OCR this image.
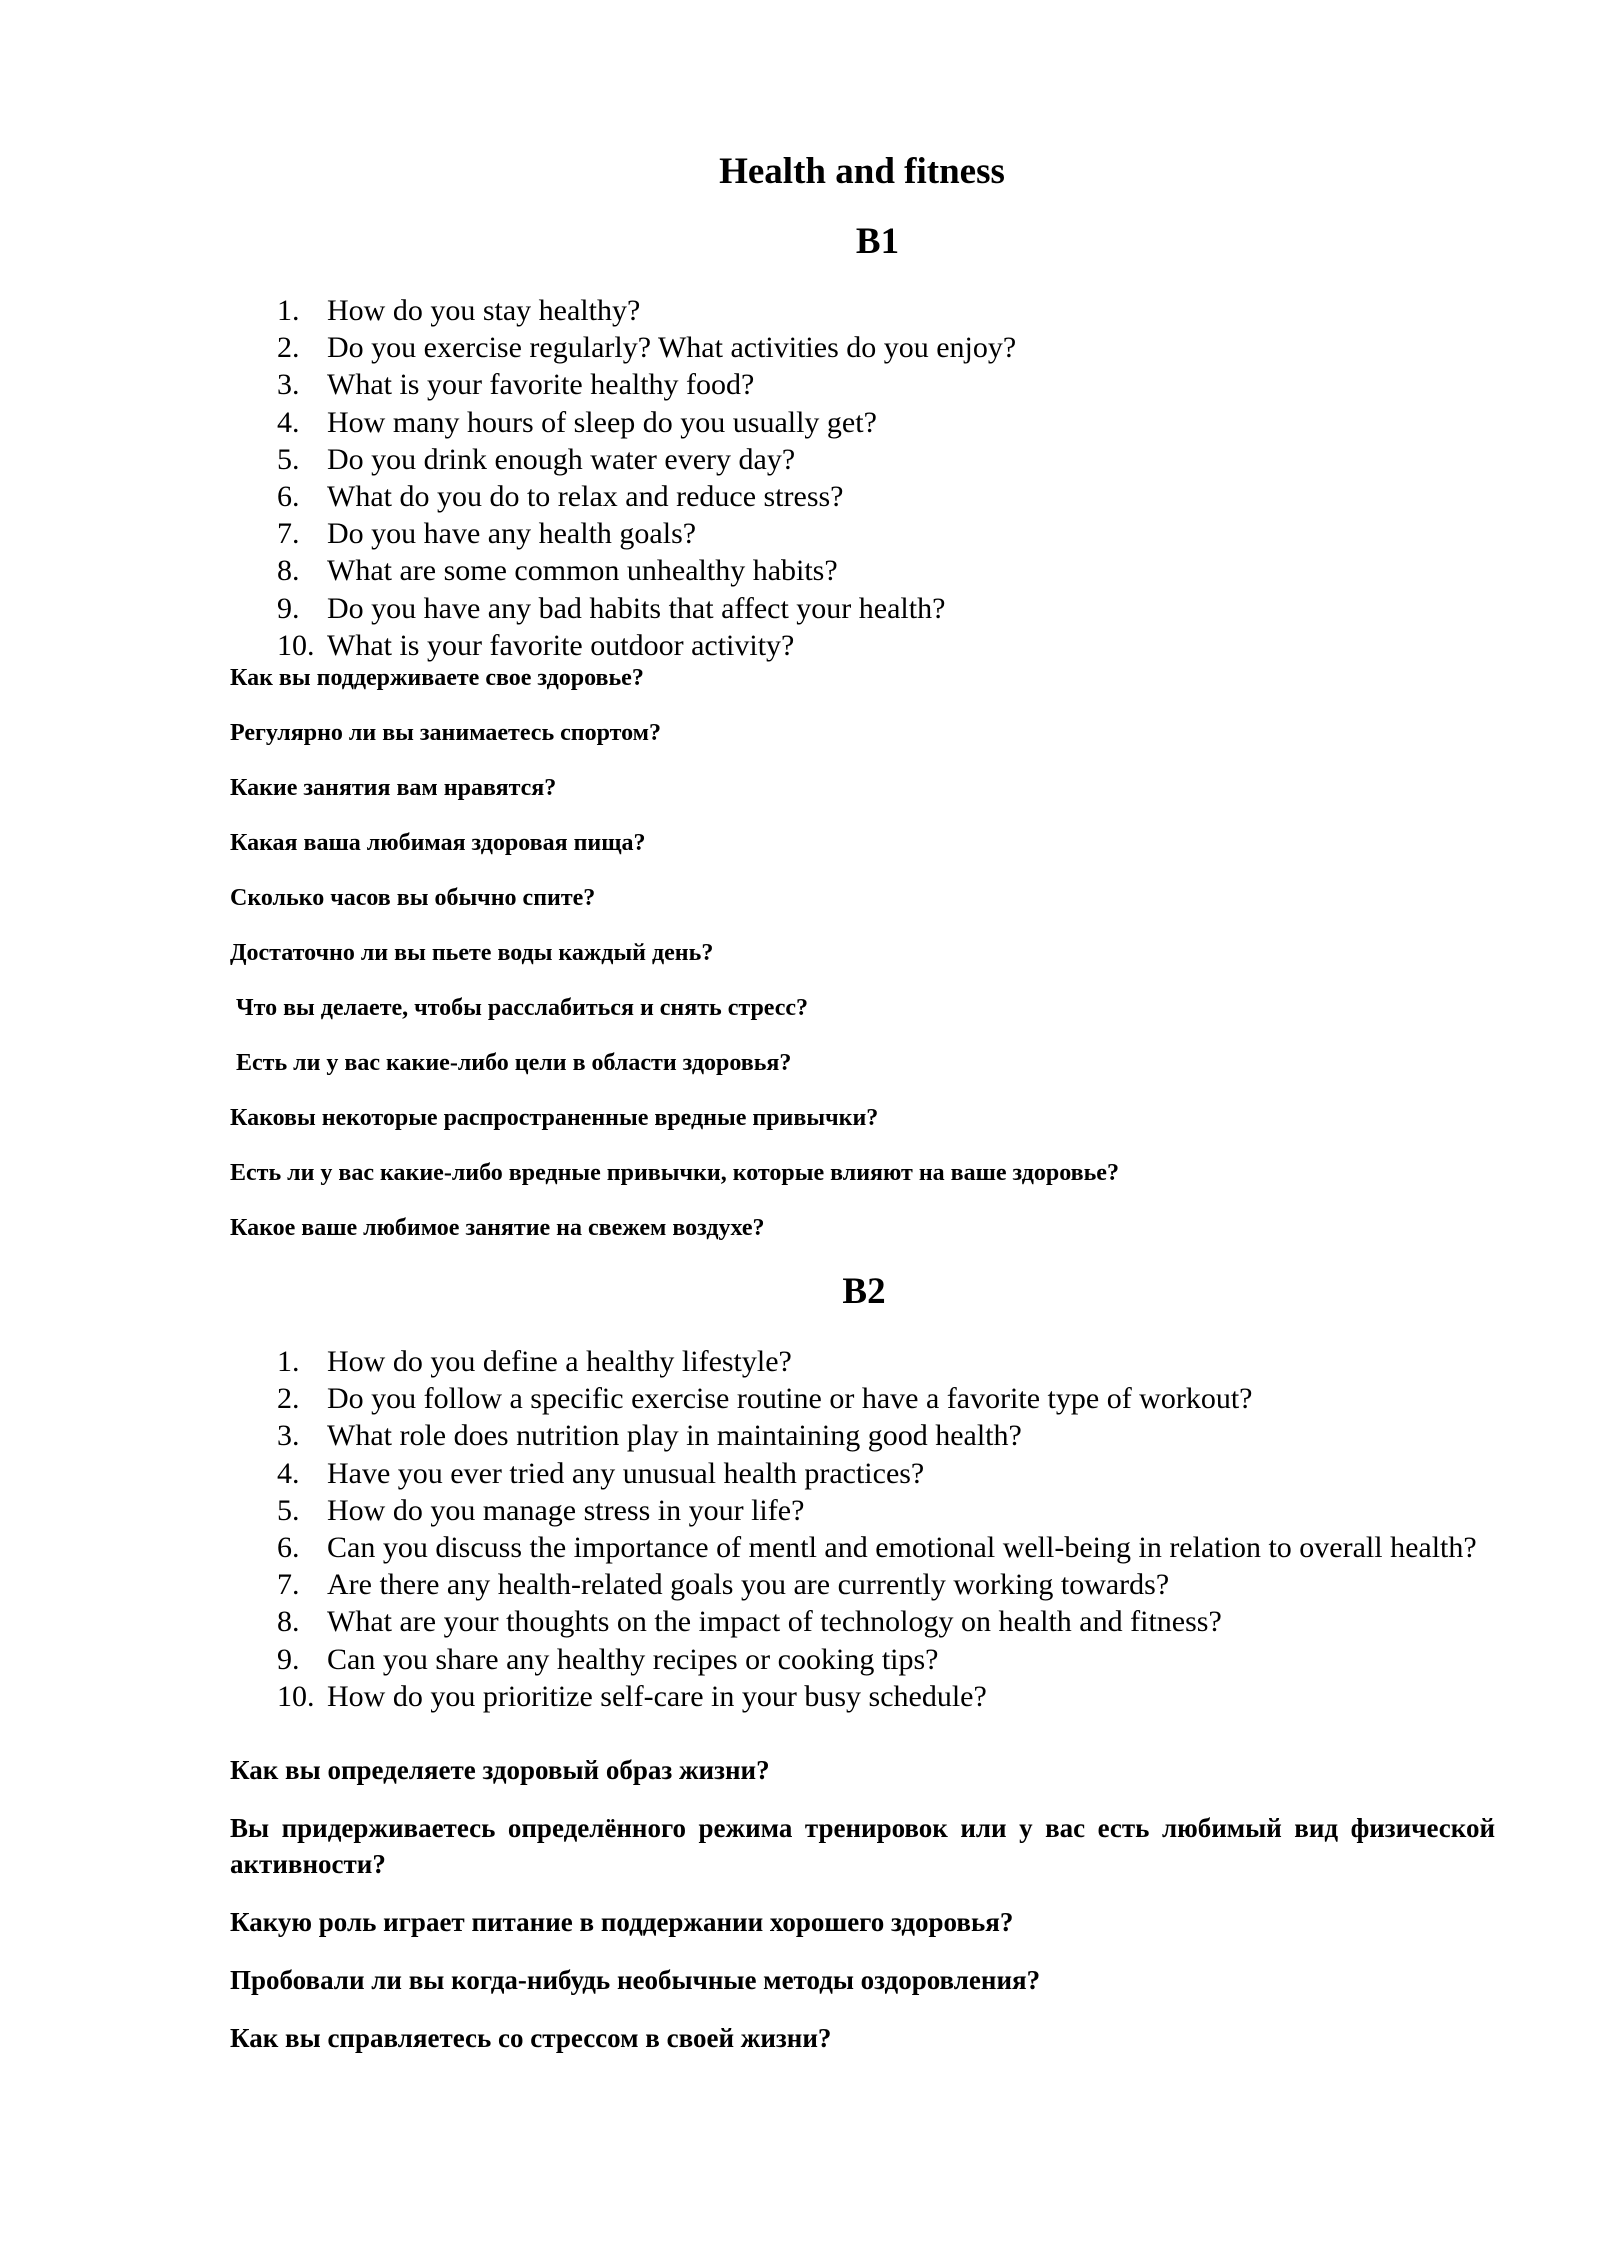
Health and fitness
B1
1. How do you stay healthy?
2. Do you exercise regularly? What activities do you enjoy?
3. What is your favorite healthy food?
4. How many hours of sleep do you usually get?
5. Do you drink enough water every day?
6. What do you do to relax and reduce stress?
7. Do you have any health goals?
8. What are some common unhealthy habits?
9. Do you have any bad habits that affect your health?
10. What is your favorite outdoor activity?

Как вы поддерживаете свое здоровье?

Регулярно ли вы занимаетесь спортом?

Какие занятия вам нравятся?

Какая ваша любимая здоровая пища?

Сколько часов вы обычно спите?

Достаточно ли вы пьете воды каждый день?

Что вы делаете, чтобы расслабиться и снять стресс?

Есть ли у вас какие-либо цели в области здоровья?

Каковы некоторые распространенные вредные привычки?

Есть ли у вас какие-либо вредные привычки, которые влияют на ваше здоровье?

Какое ваше любимое занятие на свежем воздухе?

B2
1. How do you define a healthy lifestyle?
2. Do you follow a specific exercise routine or have a favorite type of workout?
3. What role does nutrition play in maintaining good health?
4. Have you ever tried any unusual health practices?
5. How do you manage stress in your life?
6. Can you discuss the importance of mentl and emotional well-being in relation to overall health?
7. Are there any health-related goals you are currently working towards?
8. What are your thoughts on the impact of technology on health and fitness?
9. Can you share any healthy recipes or cooking tips?
10. How do you prioritize self-care in your busy schedule?

Как вы определяете здоровый образ жизни?

Вы придерживаетесь определённого режима тренировок или у вас есть любимый вид физической активности?

Какую роль играет питание в поддержании хорошего здоровья?

Пробовали ли вы когда-нибудь необычные методы оздоровления?

Как вы справляетесь со стрессом в своей жизни?
